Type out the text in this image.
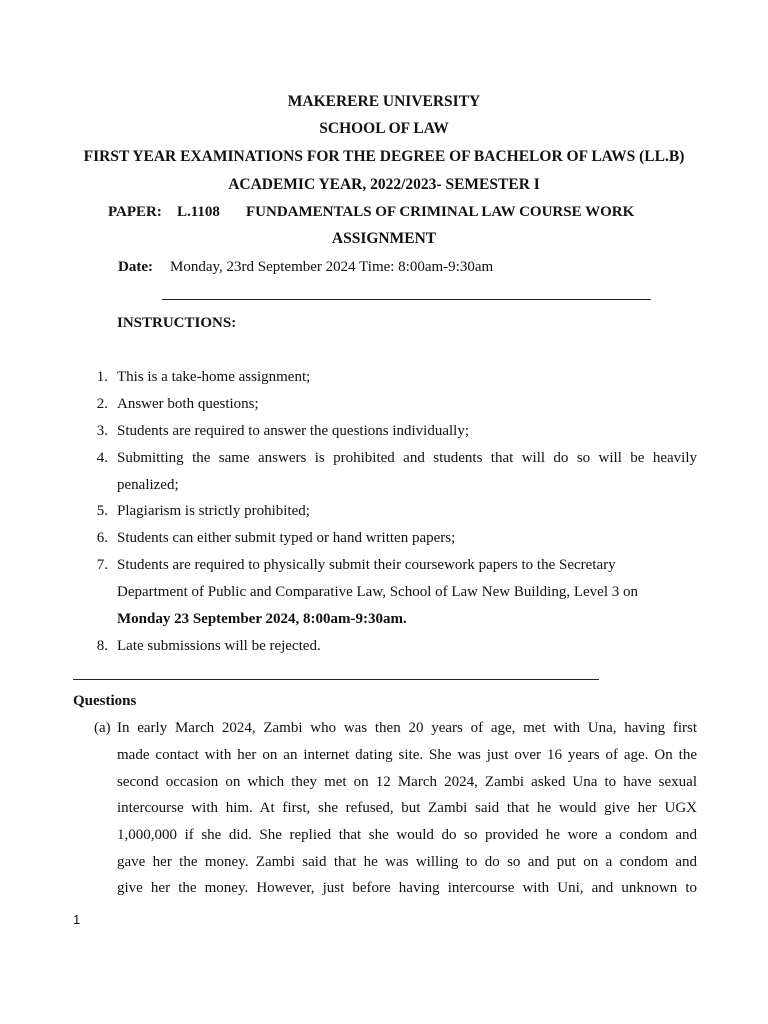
MAKERERE UNIVERSITY
SCHOOL OF LAW
FIRST YEAR EXAMINATIONS FOR THE DEGREE OF BACHELOR OF LAWS (LL.B)
ACADEMIC YEAR, 2022/2023- SEMESTER I
PAPER: L.1108 FUNDAMENTALS OF CRIMINAL LAW COURSE WORK
ASSIGNMENT
Date: Monday, 23rd September 2024 Time: 8:00am-9:30am
INSTRUCTIONS:
1. This is a take-home assignment;
2. Answer both questions;
3. Students are required to answer the questions individually;
4. Submitting the same answers is prohibited and students that will do so will be heavily
penalized;
5. Plagiarism is strictly prohibited;
6. Students can either submit typed or hand written papers;
7. Students are required to physically submit their coursework papers to the Secretary
Department of Public and Comparative Law, School of Law New Building, Level 3 on
Monday 23 September 2024, 8:00am-9:30am.
8. Late submissions will be rejected.
Questions
(a) In early March 2024, Zambi who was then 20 years of age, met with Una, having first
made contact with her on an internet dating site. She was just over 16 years of age. On the
second occasion on which they met on 12 March 2024, Zambi asked Una to have sexual
intercourse with him. At first, she refused, but Zambi said that he would give her UGX
1,000,000 if she did. She replied that she would do so provided he wore a condom and
gave her the money. Zambi said that he was willing to do so and put on a condom and
give her the money. However, just before having intercourse with Uni, and unknown to
1
